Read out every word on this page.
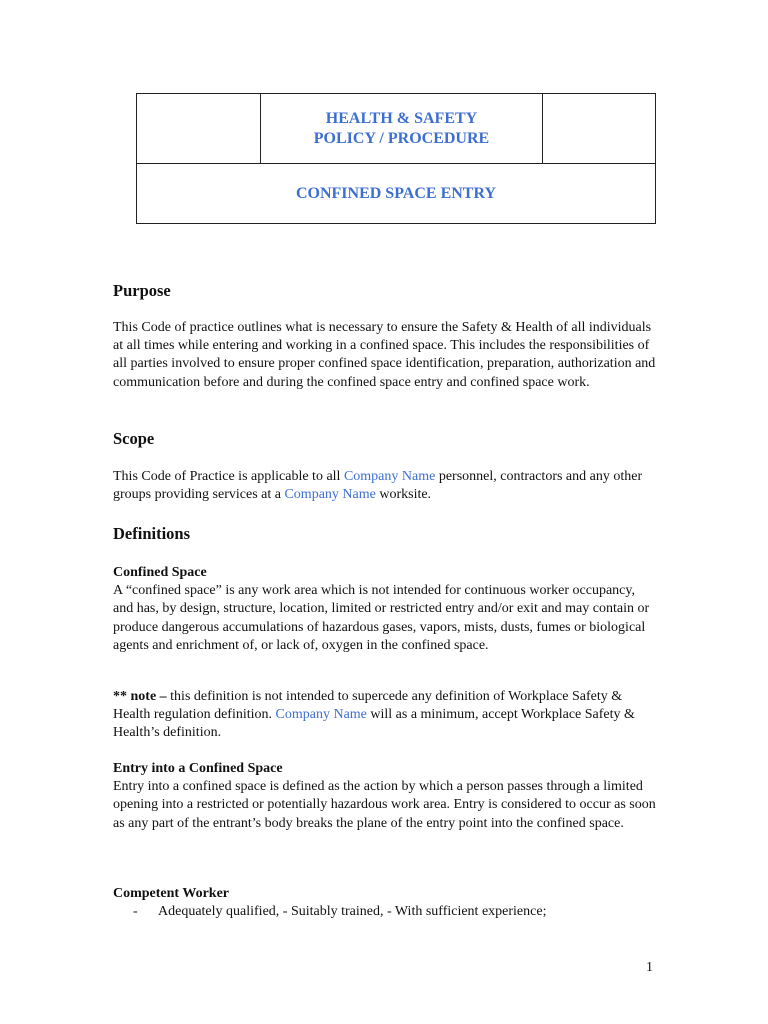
HEALTH & SAFETY
POLICY / PROCEDURE

CONFINED SPACE ENTRY
Purpose

This Code of practice outlines what is necessary to ensure the Safety & Health of all individuals at all times while entering and working in a confined space. This includes the responsibilities of all parties involved to ensure proper confined space identification, preparation, authorization and communication before and during the confined space entry and confined space work.

Scope

This Code of Practice is applicable to all Company Name personnel, contractors and any other groups providing services at a Company Name worksite.

Definitions
Confined Space

A “confined space” is any work area which is not intended for continuous worker occupancy, and has, by design, structure, location, limited or restricted entry and/or exit and may contain or produce dangerous accumulations of hazardous gases, vapors, mists, dusts, fumes or biological agents and enrichment of, or lack of, oxygen in the confined space.

** note – this definition is not intended to supercede any definition of Workplace Safety & Health regulation definition. Company Name will as a minimum, accept Workplace Safety & Health’s definition.

Entry into a Confined Space

Entry into a confined space is defined as the action by which a person passes through a limited opening into a restricted or potentially hazardous work area. Entry is considered to occur as soon as any part of the entrant’s body breaks the plane of the entry point into the confined space.

Competent Worker
- Adequately qualified, - Suitably trained, - With sufficient experience;
1
